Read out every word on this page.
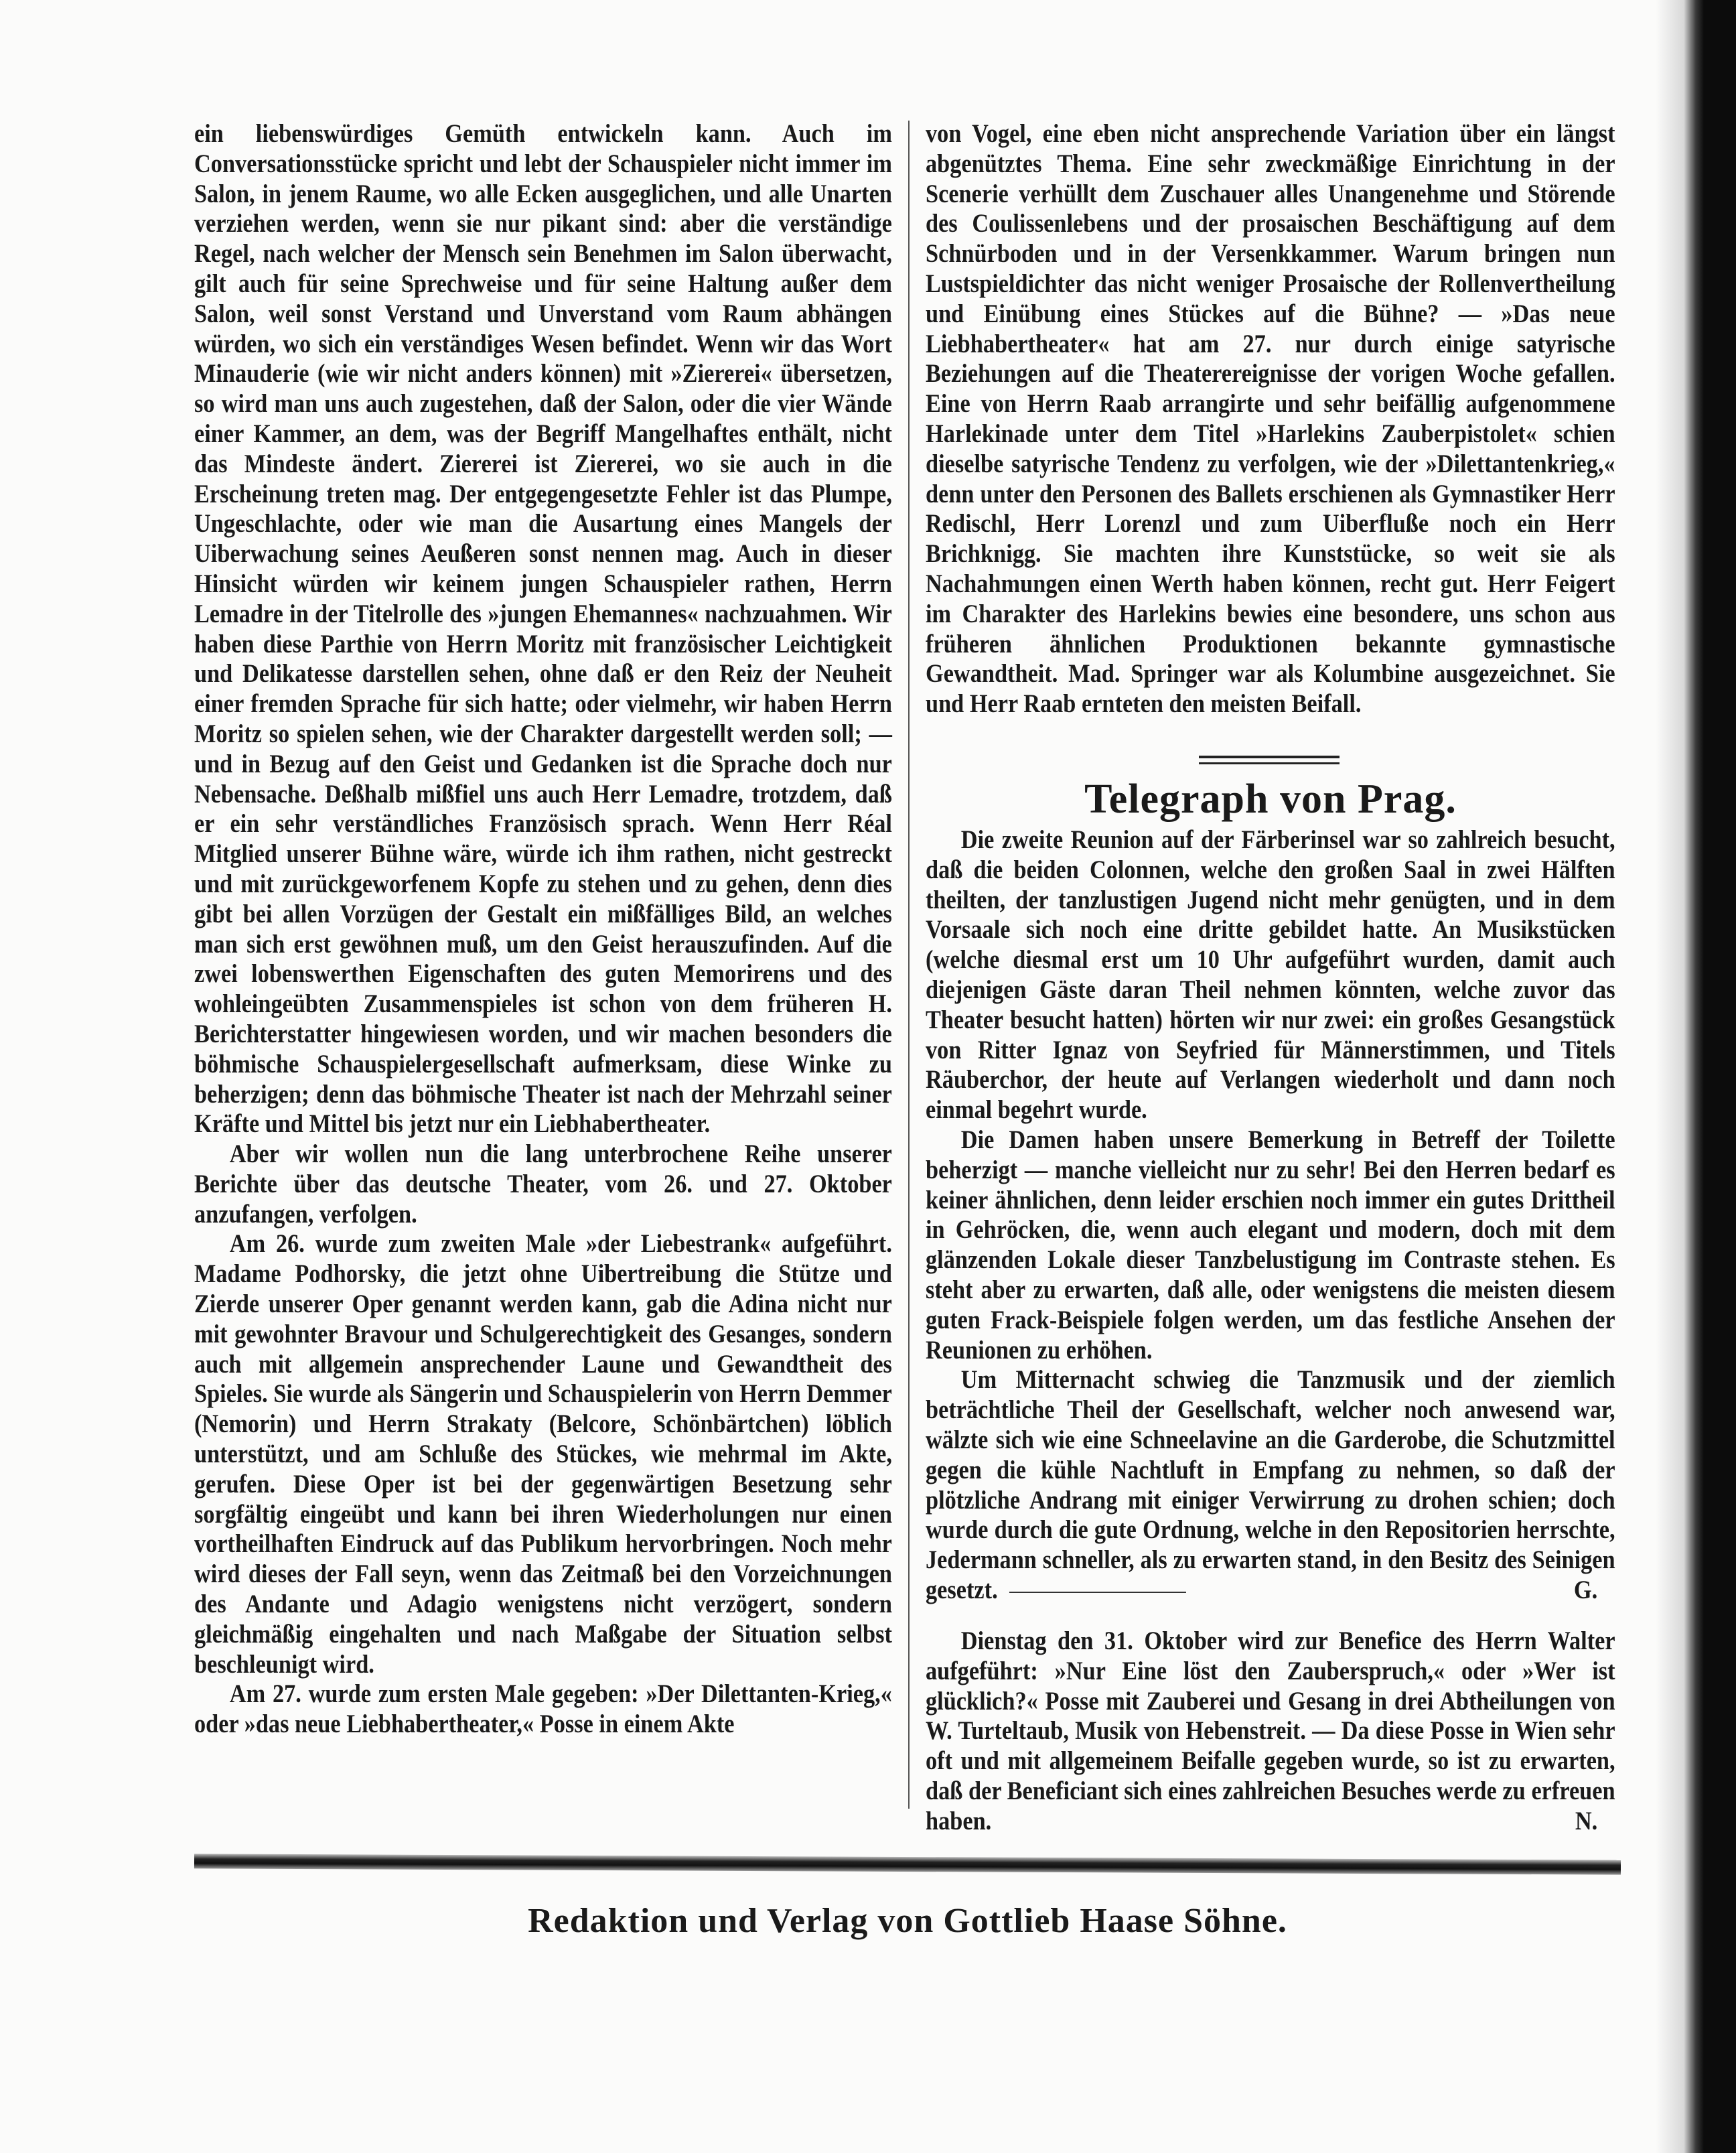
ein liebenswürdiges Gemüth entwickeln kann. Auch im Conversationsstücke spricht und lebt der Schauspieler nicht immer im Salon, in jenem Raume, wo alle Ecken ausgeglichen, und alle Unarten verziehen werden, wenn sie nur pikant sind: aber die verständige Regel, nach welcher der Mensch sein Benehmen im Salon überwacht, gilt auch für seine Sprechweise und für seine Haltung außer dem Salon, weil sonst Verstand und Unverstand vom Raum abhängen würden, wo sich ein verständiges Wesen befindet. Wenn wir das Wort Minauderie (wie wir nicht anders können) mit »Ziererei« übersetzen, so wird man uns auch zugestehen, daß der Salon, oder die vier Wände einer Kammer, an dem, was der Begriff Mangelhaftes enthält, nicht das Mindeste ändert. Ziererei ist Ziererei, wo sie auch in die Erscheinung treten mag. Der entgegengesetzte Fehler ist das Plumpe, Ungeschlachte, oder wie man die Ausartung eines Mangels der Uiberwachung seines Aeußeren sonst nennen mag. Auch in dieser Hinsicht würden wir keinem jungen Schauspieler rathen, Herrn Lemadre in der Titelrolle des »jungen Ehemannes« nachzuahmen. Wir haben diese Parthie von Herrn Moritz mit französischer Leichtigkeit und Delikatesse darstellen sehen, ohne daß er den Reiz der Neuheit einer fremden Sprache für sich hatte; oder vielmehr, wir haben Herrn Moritz so spielen sehen, wie der Charakter dargestellt werden soll; — und in Bezug auf den Geist und Gedanken ist die Sprache doch nur Nebensache. Deßhalb mißfiel uns auch Herr Lemadre, trotzdem, daß er ein sehr verständliches Französisch sprach. Wenn Herr Réal Mitglied unserer Bühne wäre, würde ich ihm rathen, nicht gestreckt und mit zurückgeworfenem Kopfe zu stehen und zu gehen, denn dies gibt bei allen Vorzügen der Gestalt ein mißfälliges Bild, an welches man sich erst gewöhnen muß, um den Geist herauszufinden. Auf die zwei lobenswerthen Eigenschaften des guten Memorirens und des wohleingeübten Zusammenspieles ist schon von dem früheren H. Berichterstatter hingewiesen worden, und wir machen besonders die böhmische Schauspielergesellschaft aufmerksam, diese Winke zu beherzigen; denn das böhmische Theater ist nach der Mehrzahl seiner Kräfte und Mittel bis jetzt nur ein Liebhabertheater.

Aber wir wollen nun die lang unterbrochene Reihe unserer Berichte über das deutsche Theater, vom 26. und 27. Oktober anzufangen, verfolgen.

Am 26. wurde zum zweiten Male »der Liebestrank« aufgeführt. Madame Podhorsky, die jetzt ohne Uibertreibung die Stütze und Zierde unserer Oper genannt werden kann, gab die Adina nicht nur mit gewohnter Bravour und Schulgerechtigkeit des Gesanges, sondern auch mit allgemein ansprechender Laune und Gewandtheit des Spieles. Sie wurde als Sängerin und Schauspielerin von Herrn Demmer (Nemorin) und Herrn Strakaty (Belcore, Schönbärtchen) löblich unterstützt, und am Schluße des Stückes, wie mehrmal im Akte, gerufen. Diese Oper ist bei der gegenwärtigen Besetzung sehr sorgfältig eingeübt und kann bei ihren Wiederholungen nur einen vortheilhaften Eindruck auf das Publikum hervorbringen. Noch mehr wird dieses der Fall seyn, wenn das Zeitmaß bei den Vorzeichnungen des Andante und Adagio wenigstens nicht verzögert, sondern gleichmäßig eingehalten und nach Maßgabe der Situation selbst beschleunigt wird.

Am 27. wurde zum ersten Male gegeben: »Der Dilettanten-Krieg,« oder »das neue Liebhabertheater,« Posse in einem Akte

von Vogel, eine eben nicht ansprechende Variation über ein längst abgenütztes Thema. Eine sehr zweckmäßige Einrichtung in der Scenerie verhüllt dem Zuschauer alles Unangenehme und Störende des Coulissenlebens und der prosaischen Beschäftigung auf dem Schnürboden und in der Versenkkammer. Warum bringen nun Lustspieldichter das nicht weniger Prosaische der Rollenvertheilung und Einübung eines Stückes auf die Bühne? — »Das neue Liebhabertheater« hat am 27. nur durch einige satyrische Beziehungen auf die Theaterereignisse der vorigen Woche gefallen. Eine von Herrn Raab arrangirte und sehr beifällig aufgenommene Harlekinade unter dem Titel »Harlekins Zauberpistolet« schien dieselbe satyrische Tendenz zu verfolgen, wie der »Dilettantenkrieg,« denn unter den Personen des Ballets erschienen als Gymnastiker Herr Redischl, Herr Lorenzl und zum Uiberfluße noch ein Herr Brichknigg. Sie machten ihre Kunststücke, so weit sie als Nachahmungen einen Werth haben können, recht gut. Herr Feigert im Charakter des Harlekins bewies eine besondere, uns schon aus früheren ähnlichen Produktionen bekannte gymnastische Gewandtheit. Mad. Springer war als Kolumbine ausgezeichnet. Sie und Herr Raab ernteten den meisten Beifall.

Telegraph von Prag.

Die zweite Reunion auf der Färberinsel war so zahlreich besucht, daß die beiden Colonnen, welche den großen Saal in zwei Hälften theilten, der tanzlustigen Jugend nicht mehr genügten, und in dem Vorsaale sich noch eine dritte gebildet hatte. An Musikstücken (welche diesmal erst um 10 Uhr aufgeführt wurden, damit auch diejenigen Gäste daran Theil nehmen könnten, welche zuvor das Theater besucht hatten) hörten wir nur zwei: ein großes Gesangstück von Ritter Ignaz von Seyfried für Männerstimmen, und Titels Räuberchor, der heute auf Verlangen wiederholt und dann noch einmal begehrt wurde.

Die Damen haben unsere Bemerkung in Betreff der Toilette beherzigt — manche vielleicht nur zu sehr! Bei den Herren bedarf es keiner ähnlichen, denn leider erschien noch immer ein gutes Drittheil in Gehröcken, die, wenn auch elegant und modern, doch mit dem glänzenden Lokale dieser Tanzbelustigung im Contraste stehen. Es steht aber zu erwarten, daß alle, oder wenigstens die meisten diesem guten Frack-Beispiele folgen werden, um das festliche Ansehen der Reunionen zu erhöhen.

Um Mitternacht schwieg die Tanzmusik und der ziemlich beträchtliche Theil der Gesellschaft, welcher noch anwesend war, wälzte sich wie eine Schneelavine an die Garderobe, die Schutzmittel gegen die kühle Nachtluft in Empfang zu nehmen, so daß der plötzliche Andrang mit einiger Verwirrung zu drohen schien; doch wurde durch die gute Ordnung, welche in den Repositorien herrschte, Jedermann schneller, als zu erwarten stand, in den Besitz des Seinigen gesetzt.	G.

Dienstag den 31. Oktober wird zur Benefice des Herrn Walter aufgeführt: »Nur Eine löst den Zauberspruch,« oder »Wer ist glücklich?« Posse mit Zauberei und Gesang in drei Abtheilungen von W. Turteltaub, Musik von Hebenstreit. — Da diese Posse in Wien sehr oft und mit allgemeinem Beifalle gegeben wurde, so ist zu erwarten, daß der Beneficiant sich eines zahlreichen Besuches werde zu erfreuen haben.	N.

Redaktion und Verlag von Gottlieb Haase Söhne.
